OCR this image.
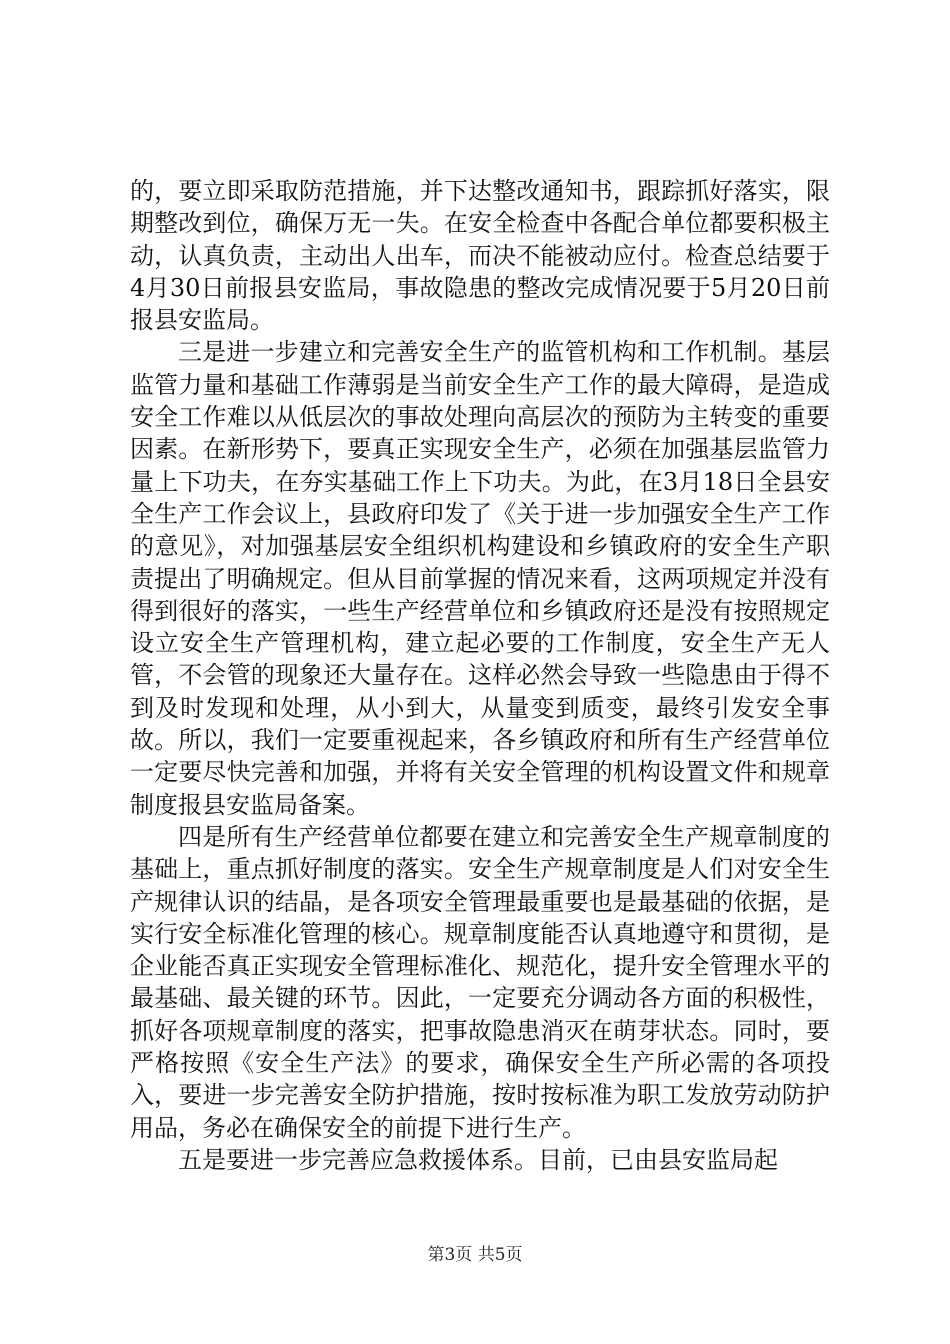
的，要立即采取防范措施，并下达整改通知书，跟踪抓好落实，限期整改到位，确保万无一失。在安全检查中各配合单位都要积极主动，认真负责，主动出人出车，而决不能被动应付。检查总结要于4月30日前报县安监局，事故隐患的整改完成情况要于5月20日前报县安监局。

三是进一步建立和完善安全生产的监管机构和工作机制。基层监管力量和基础工作薄弱是当前安全生产工作的最大障碍，是造成安全工作难以从低层次的事故处理向高层次的预防为主转变的重要因素。在新形势下，要真正实现安全生产，必须在加强基层监管力量上下功夫，在夯实基础工作上下功夫。为此，在3月18日全县安全生产工作会议上，县政府印发了《关于进一步加强安全生产工作的意见》，对加强基层安全组织机构建设和乡镇政府的安全生产职责提出了明确规定。但从目前掌握的情况来看，这两项规定并没有得到很好的落实，一些生产经营单位和乡镇政府还是没有按照规定设立安全生产管理机构，建立起必要的工作制度，安全生产无人管，不会管的现象还大量存在。这样必然会导致一些隐患由于得不到及时发现和处理，从小到大，从量变到质变，最终引发安全事故。所以，我们一定要重视起来，各乡镇政府和所有生产经营单位一定要尽快完善和加强，并将有关安全管理的机构设置文件和规章制度报县安监局备案。

四是所有生产经营单位都要在建立和完善安全生产规章制度的基础上，重点抓好制度的落实。安全生产规章制度是人们对安全生产规律认识的结晶，是各项安全管理最重要也是最基础的依据，是实行安全标准化管理的核心。规章制度能否认真地遵守和贯彻，是企业能否真正实现安全管理标准化、规范化，提升安全管理水平的最基础、最关键的环节。因此，一定要充分调动各方面的积极性，抓好各项规章制度的落实，把事故隐患消灭在萌芽状态。同时，要严格按照《安全生产法》的要求，确保安全生产所必需的各项投入，要进一步完善安全防护措施，按时按标准为职工发放劳动防护用品，务必在确保安全的前提下进行生产。

五是要进一步完善应急救援体系。目前，已由县安监局起

第3页 共5页
